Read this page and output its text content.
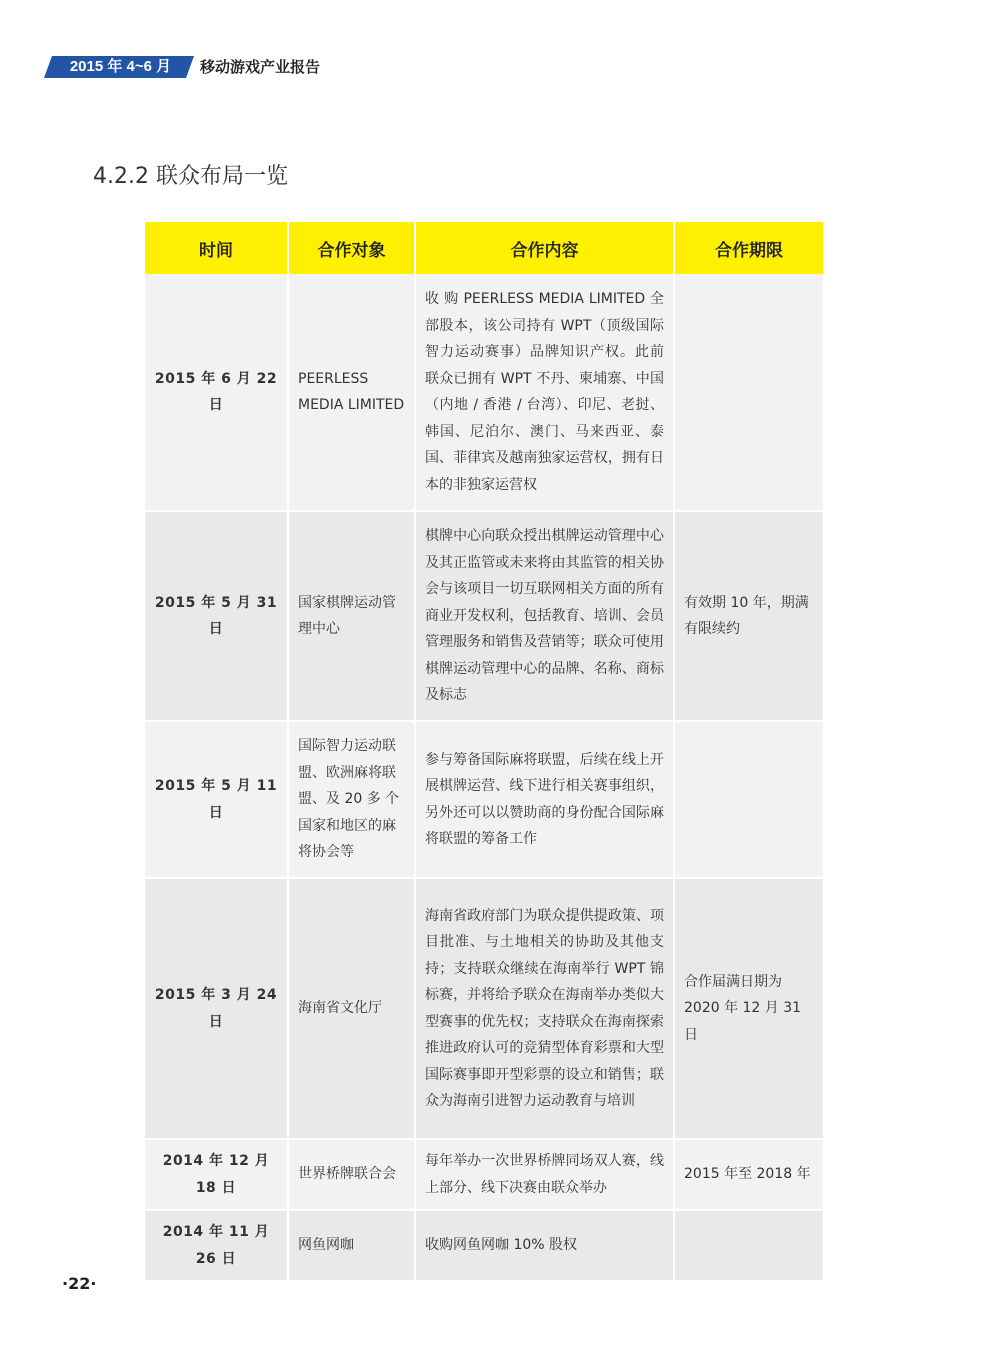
2015 年 4~6 月	移动游戏产业报告
4.2.2 联众布局一览
时间	合作对象	合作内容	合作期限
2015 年 6 月 22 日	PEERLESS MEDIA LIMITED	收 购 PEERLESS MEDIA LIMITED 全部股本，该公司持有 WPT（顶级国际智力运动赛事）品牌知识产权。此前 联众已拥有 WPT 不丹、柬埔寨、中国（内地 / 香港 / 台湾）、印尼、老挝、韩国、尼泊尔、澳门、马来西亚、泰国、菲律宾及越南独家运营权，拥有日本的非独家运营权	
2015 年 5 月 31 日	国家棋牌运动管理中心	棋牌中心向联众授出棋牌运动管理中心及其正监管或未来将由其监管的相关协会与该项目一切互联网相关方面的所有商业开发权利，包括教育、培训、会员管理服务和销售及营销等；联众可使用棋牌运动管理中心的品牌、名称、商标及标志	有效期 10 年，期满有限续约
2015 年 5 月 11 日	国际智力运动联盟、欧洲麻将联盟、及 20 多 个 国家和地区的麻将协会等	参与筹备国际麻将联盟，后续在线上开展棋牌运营、线下进行相关赛事组织，另外还可以以赞助商的身份配合国际麻将联盟的筹备工作	
2015 年 3 月 24 日	海南省文化厅	海南省政府部门为联众提供提政策、项目批准、与土地相关的协助及其他支持；支持联众继续在海南举行 WPT 锦标赛，并将给予联众在海南举办类似大型赛事的优先权；支持联众在海南探索推进政府认可的竞猜型体育彩票和大型国际赛事即开型彩票的设立和销售；联众为海南引进智力运动教育与培训	合作届满日期为 2020 年 12 月 31 日
2014 年 12 月 18 日	世界桥牌联合会	每年举办一次世界桥牌同场双人赛，线上部分、线下决赛由联众举办	2015 年至 2018 年
2014 年 11 月 26 日	网鱼网咖	收购网鱼网咖 10% 股权	
·22·
